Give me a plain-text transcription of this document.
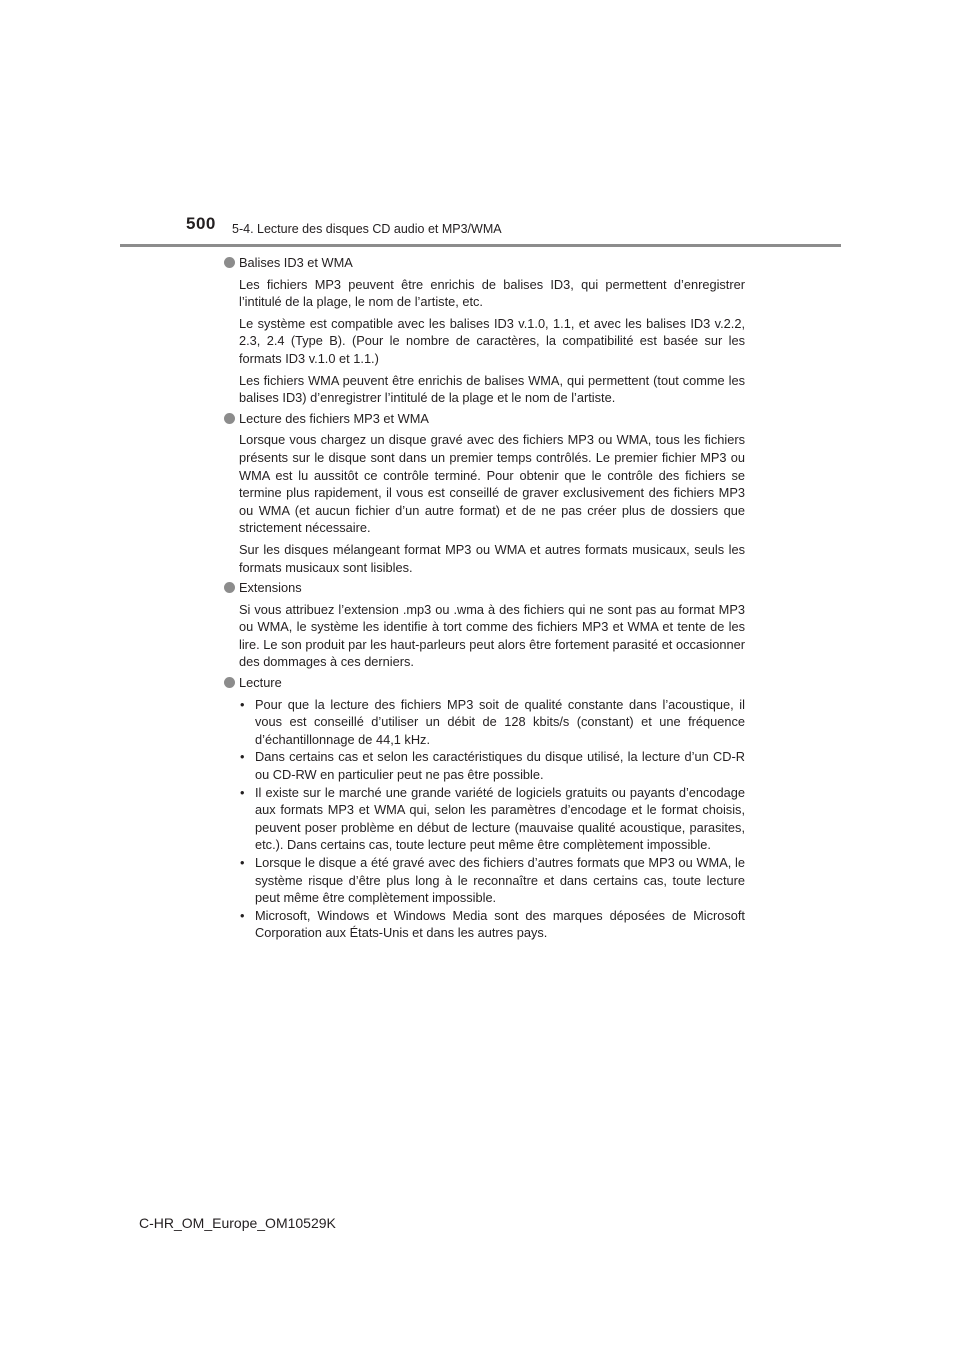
500 5-4. Lecture des disques CD audio et MP3/WMA
Balises ID3 et WMA

Les fichiers MP3 peuvent être enrichis de balises ID3, qui permettent d’enregistrer l’intitulé de la plage, le nom de l’artiste, etc.

Le système est compatible avec les balises ID3 v.1.0, 1.1, et avec les balises ID3 v.2.2, 2.3, 2.4 (Type B). (Pour le nombre de caractères, la compatibilité est basée sur les formats ID3 v.1.0 et 1.1.)

Les fichiers WMA peuvent être enrichis de balises WMA, qui permettent (tout comme les balises ID3) d’enregistrer l’intitulé de la plage et le nom de l’artiste.

Lecture des fichiers MP3 et WMA

Lorsque vous chargez un disque gravé avec des fichiers MP3 ou WMA, tous les fichiers présents sur le disque sont dans un premier temps contrôlés. Le premier fichier MP3 ou WMA est lu aussitôt ce contrôle terminé. Pour obtenir que le contrôle des fichiers se termine plus rapidement, il vous est conseillé de graver exclusivement des fichiers MP3 ou WMA (et aucun fichier d’un autre format) et de ne pas créer plus de dossiers que strictement nécessaire.

Sur les disques mélangeant format MP3 ou WMA et autres formats musicaux, seuls les formats musicaux sont lisibles.

Extensions

Si vous attribuez l’extension .mp3 ou .wma à des fichiers qui ne sont pas au format MP3 ou WMA, le système les identifie à tort comme des fichiers MP3 et WMA et tente de les lire. Le son produit par les haut-parleurs peut alors être fortement parasité et occasionner des dommages à ces derniers.

Lecture
• Pour que la lecture des fichiers MP3 soit de qualité constante dans l’acoustique, il vous est conseillé d’utiliser un débit de 128 kbits/s (constant) et une fréquence d’échantillonnage de 44,1 kHz.
• Dans certains cas et selon les caractéristiques du disque utilisé, la lecture d’un CD-R ou CD-RW en particulier peut ne pas être possible.
• Il existe sur le marché une grande variété de logiciels gratuits ou payants d’encodage aux formats MP3 et WMA qui, selon les paramètres d’encodage et le format choisis, peuvent poser problème en début de lecture (mauvaise qualité acoustique, parasites, etc.). Dans certains cas, toute lecture peut même être complètement impossible.
• Lorsque le disque a été gravé avec des fichiers d’autres formats que MP3 ou WMA, le système risque d’être plus long à le reconnaître et dans certains cas, toute lecture peut même être complètement impossible.
• Microsoft, Windows et Windows Media sont des marques déposées de Microsoft Corporation aux États-Unis et dans les autres pays.
C-HR_OM_Europe_OM10529K
